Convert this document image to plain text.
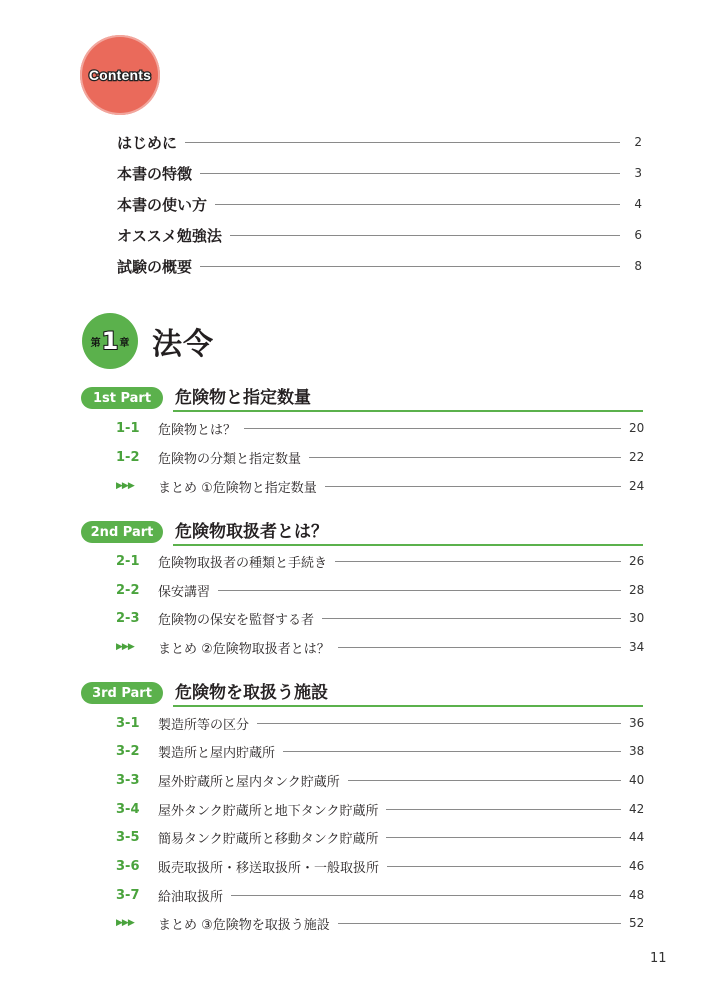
Contents
はじめに	2
本書の特徴	3
本書の使い方	4
オススメ勉強法	6
試験の概要	8
第 1 章 法令
1st Part	危険物と指定数量
1-1	危険物とは？	20
1-2	危険物の分類と指定数量	22
▶▶▶	まとめ ①危険物と指定数量	24
2nd Part	危険物取扱者とは？
2-1	危険物取扱者の種類と手続き	26
2-2	保安講習	28
2-3	危険物の保安を監督する者	30
▶▶▶	まとめ ②危険物取扱者とは？	34
3rd Part	危険物を取扱う施設
3-1	製造所等の区分	36
3-2	製造所と屋内貯蔵所	38
3-3	屋外貯蔵所と屋内タンク貯蔵所	40
3-4	屋外タンク貯蔵所と地下タンク貯蔵所	42
3-5	簡易タンク貯蔵所と移動タンク貯蔵所	44
3-6	販売取扱所・移送取扱所・一般取扱所	46
3-7	給油取扱所	48
▶▶▶	まとめ ③危険物を取扱う施設	52
11
